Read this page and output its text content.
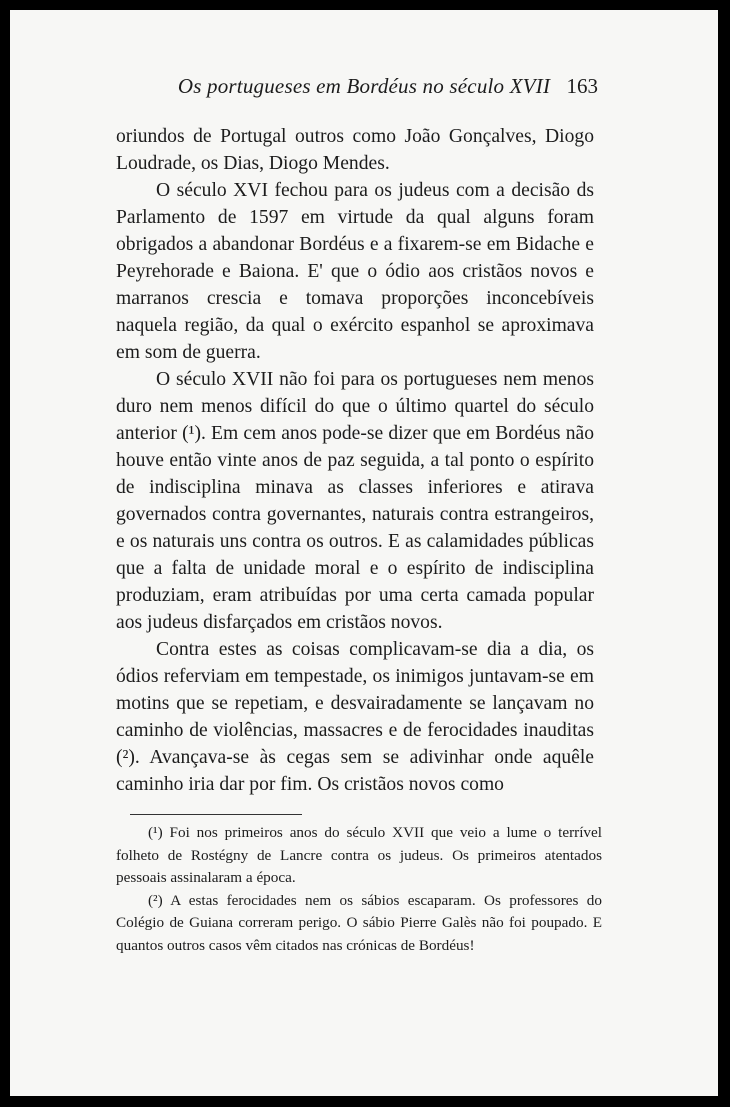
Os portugueses em Bordéus no século XVII 163

oriundos de Portugal outros como João Gonçalves, Diogo Loudrade, os Dias, Diogo Mendes.

O século XVI fechou para os judeus com a decisão ds Parlamento de 1597 em virtude da qual alguns foram obrigados a abandonar Bordéus e a fixarem-se em Bidache e Peyrehorade e Baiona. E' que o ódio aos cristãos novos e marranos crescia e tomava proporções inconcebíveis naquela região, da qual o exército espanhol se aproximava em som de guerra.

O século XVII não foi para os portugueses nem menos duro nem menos difícil do que o último quartel do século anterior (¹). Em cem anos pode-se dizer que em Bordéus não houve então vinte anos de paz seguida, a tal ponto o espírito de indisciplina minava as classes inferiores e atirava governados contra governantes, naturais contra estrangeiros, e os naturais uns contra os outros. E as calamidades públicas que a falta de unidade moral e o espírito de indisciplina produziam, eram atribuídas por uma certa camada popular aos judeus disfarçados em cristãos novos.

Contra estes as coisas complicavam-se dia a dia, os ódios referviam em tempestade, os inimigos juntavam-se em motins que se repetiam, e desvairadamente se lançavam no caminho de violências, massacres e de ferocidades inauditas (²). Avançava-se às cegas sem se adivinhar onde aquêle caminho iria dar por fim. Os cristãos novos como

(¹) Foi nos primeiros anos do século XVII que veio a lume o terrível folheto de Rostégny de Lancre contra os judeus. Os primeiros atentados pessoais assinalaram a época.

(²) A estas ferocidades nem os sábios escaparam. Os professores do Colégio de Guiana correram perigo. O sábio Pierre Galès não foi poupado. E quantos outros casos vêm citados nas crónicas de Bordéus!
